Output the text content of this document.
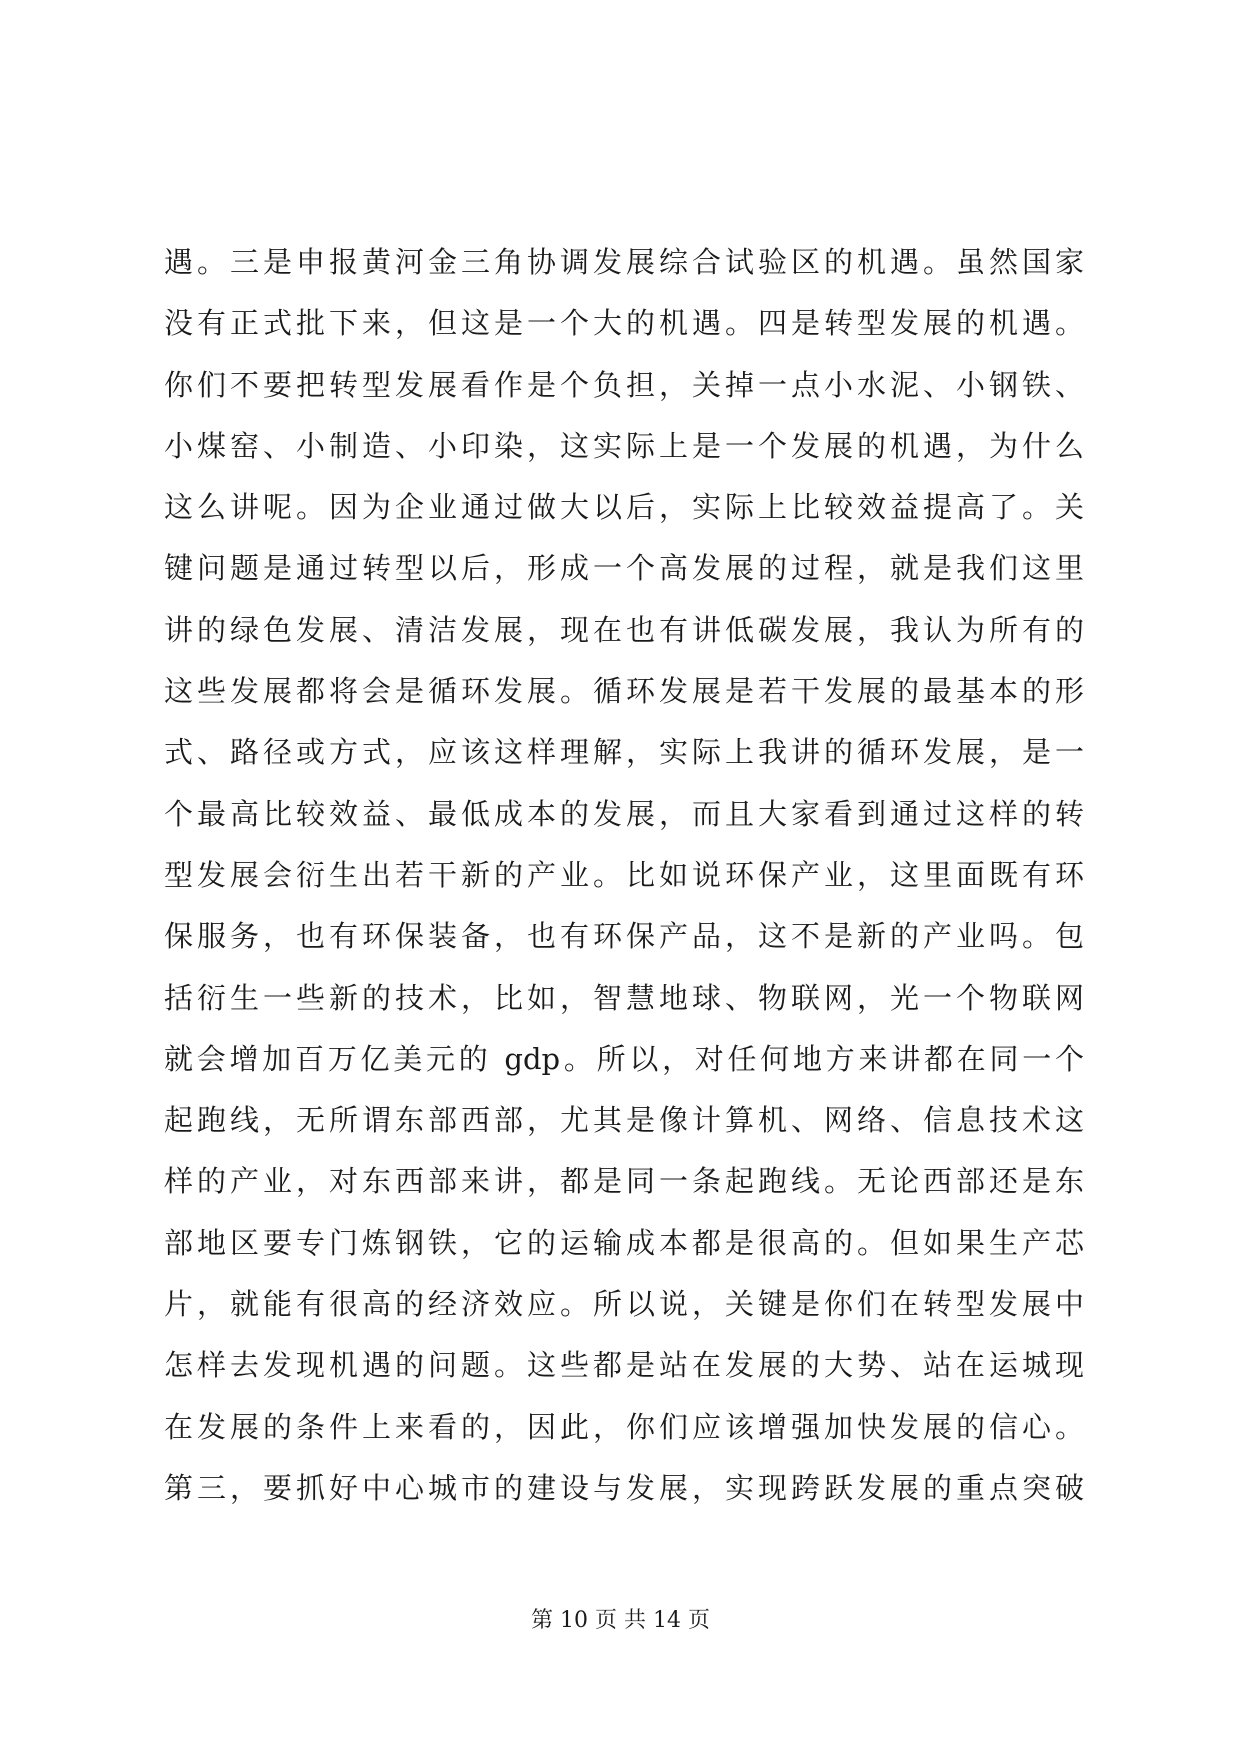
遇。三是申报黄河金三角协调发展综合试验区的机遇。虽然国家
没有正式批下来，但这是一个大的机遇。四是转型发展的机遇。
你们不要把转型发展看作是个负担，关掉一点小水泥、小钢铁、
小煤窑、小制造、小印染，这实际上是一个发展的机遇，为什么
这么讲呢。因为企业通过做大以后，实际上比较效益提高了。关
键问题是通过转型以后，形成一个高发展的过程，就是我们这里
讲的绿色发展、清洁发展，现在也有讲低碳发展，我认为所有的
这些发展都将会是循环发展。循环发展是若干发展的最基本的形
式、路径或方式，应该这样理解，实际上我讲的循环发展，是一
个最高比较效益、最低成本的发展，而且大家看到通过这样的转
型发展会衍生出若干新的产业。比如说环保产业，这里面既有环
保服务，也有环保装备，也有环保产品，这不是新的产业吗。包
括衍生一些新的技术，比如，智慧地球、物联网，光一个物联网
就会增加百万亿美元的 gdp。所以，对任何地方来讲都在同一个
起跑线，无所谓东部西部，尤其是像计算机、网络、信息技术这
样的产业，对东西部来讲，都是同一条起跑线。无论西部还是东
部地区要专门炼钢铁，它的运输成本都是很高的。但如果生产芯
片，就能有很高的经济效应。所以说，关键是你们在转型发展中
怎样去发现机遇的问题。这些都是站在发展的大势、站在运城现
在发展的条件上来看的，因此，你们应该增强加快发展的信心。
第三，要抓好中心城市的建设与发展，实现跨跃发展的重点突破
第 10 页 共 14 页
